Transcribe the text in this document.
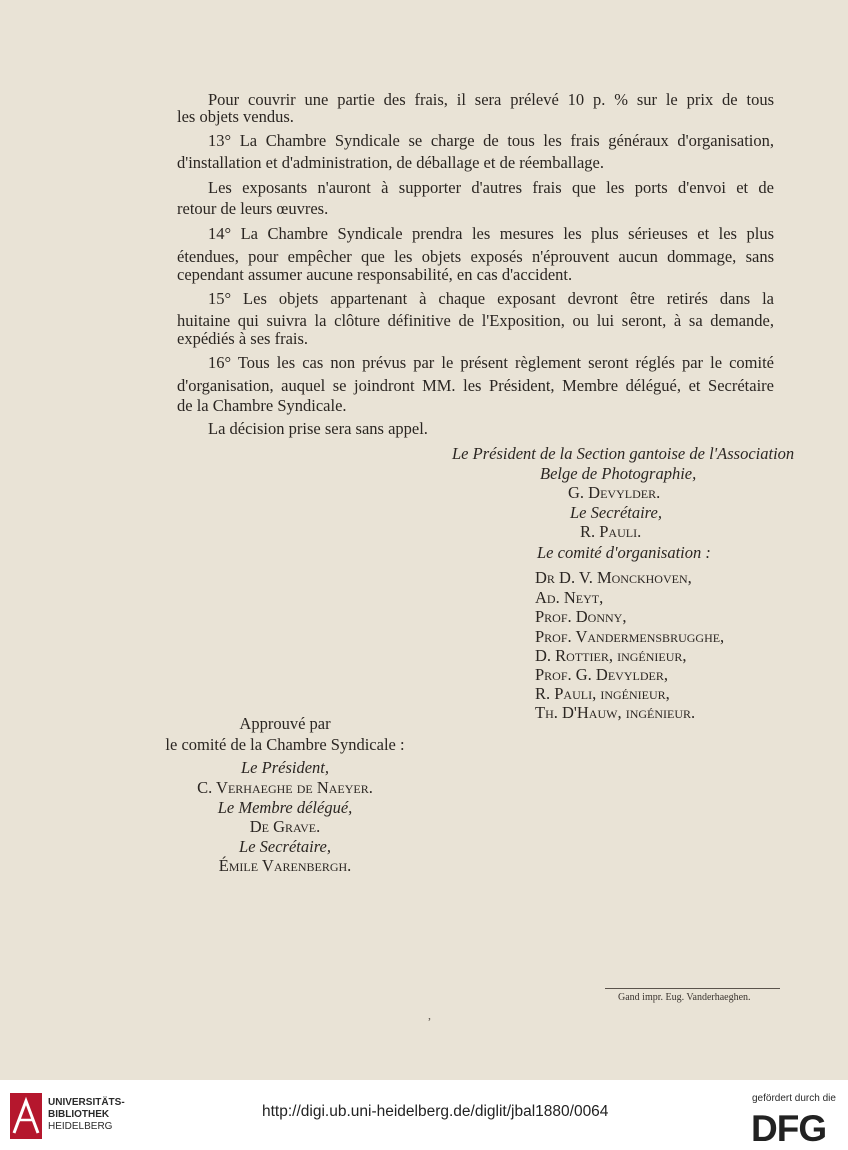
Pour couvrir une partie des frais, il sera prélevé 10 p. % sur le prix de tous
les objets vendus.
13° La Chambre Syndicale se charge de tous les frais généraux d'organisation,
d'installation et d'administration, de déballage et de réemballage.
Les exposants n'auront à supporter d'autres frais que les ports d'envoi et de
retour de leurs œuvres.
14° La Chambre Syndicale prendra les mesures les plus sérieuses et les plus
étendues, pour empêcher que les objets exposés n'éprouvent aucun dommage, sans
cependant assumer aucune responsabilité, en cas d'accident.
15° Les objets appartenant à chaque exposant devront être retirés dans la
huitaine qui suivra la clôture définitive de l'Exposition, ou lui seront, à sa demande,
expédiés à ses frais.
16° Tous les cas non prévus par le présent règlement seront réglés par le comité
d'organisation, auquel se joindront MM. les Président, Membre délégué, et Secrétaire
de la Chambre Syndicale.
La décision prise sera sans appel.
Le Président de la Section gantoise de l'Association
Belge de Photographie,
G. Devylder.
Le Secrétaire,
R. Pauli.
Le comité d'organisation :
Dr D. V. Monckhoven,
Ad. Neyt,
Prof. Donny,
Prof. Vandermensbrugghe,
D. Rottier, ingénieur,
Prof. G. Devylder,
R. Pauli, ingénieur,
Th. D'Hauw, ingénieur.
Approuvé par
le comité de la Chambre Syndicale :
Le Président,
C. Verhaeghe de Naeyer.
Le Membre délégué,
De Grave.
Le Secrétaire,
Émile Varenbergh.
Gand impr. Eug. Vanderhaeghen.
,
UNIVERSITÄTS-
BIBLIOTHEK
HEIDELBERG
http://digi.ub.uni-heidelberg.de/diglit/jbal1880/0064
gefördert durch die
DFG
